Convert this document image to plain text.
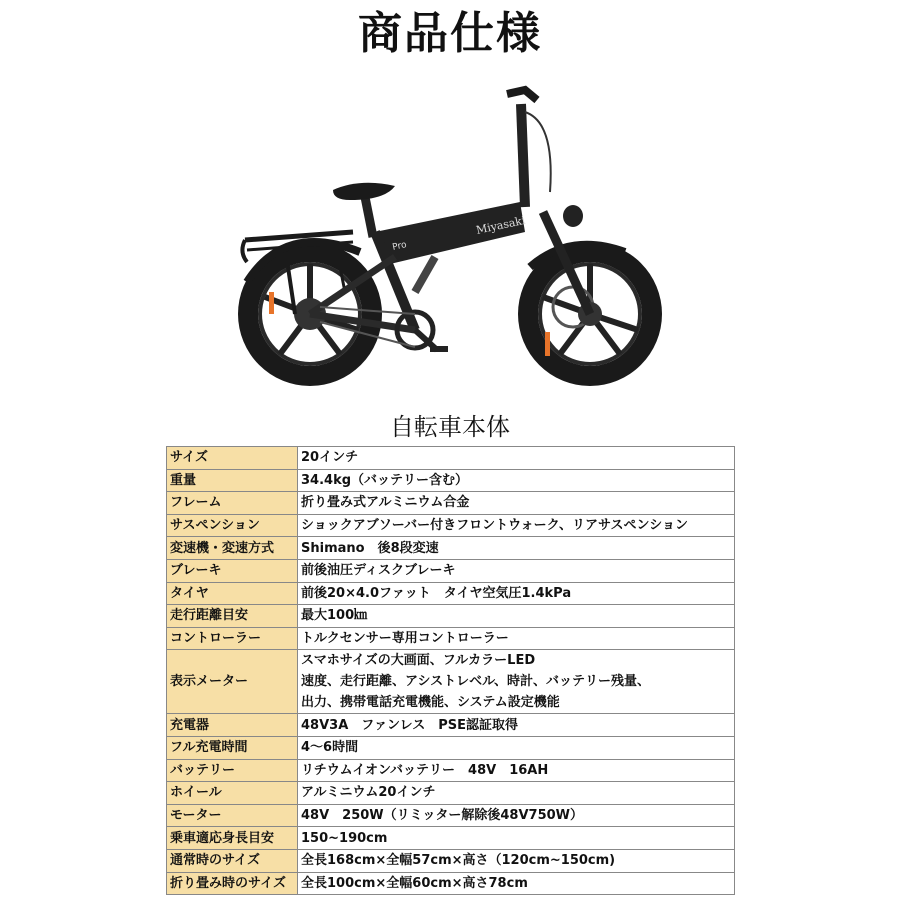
商品仕様
Miyasaki
Pro
自転車本体
サイズ	20インチ

重量	34.4kg（バッテリー含む）

フレーム	折り畳み式アルミニウム合金

サスペンション	ショックアブソーバー付きフロントウォーク、リアサスペンション

変速機・変速方式	Shimano　後8段変速

ブレーキ	前後油圧ディスクブレーキ

タイヤ	前後20×4.0ファット　タイヤ空気圧1.4kPa

走行距離目安	最大100㎞

コントローラー	トルクセンサー専用コントローラー

表示メーター	スマホサイズの大画面、フルカラーLED
速度、走行距離、アシストレベル、時計、バッテリー残量、
出力、携帯電話充電機能、システム設定機能

充電器	48V3A　ファンレス　PSE認証取得

フル充電時間	4～6時間

バッテリー	リチウムイオンバッテリー　48V　16AH

ホイール	アルミニウム20インチ

モーター	48V　250W（リミッター解除後48V750W）

乗車適応身長目安	150~190cm

通常時のサイズ	全長168cm×全幅57cm×高さ（120cm~150cm)

折り畳み時のサイズ	全長100cm×全幅60cm×高さ78cm
